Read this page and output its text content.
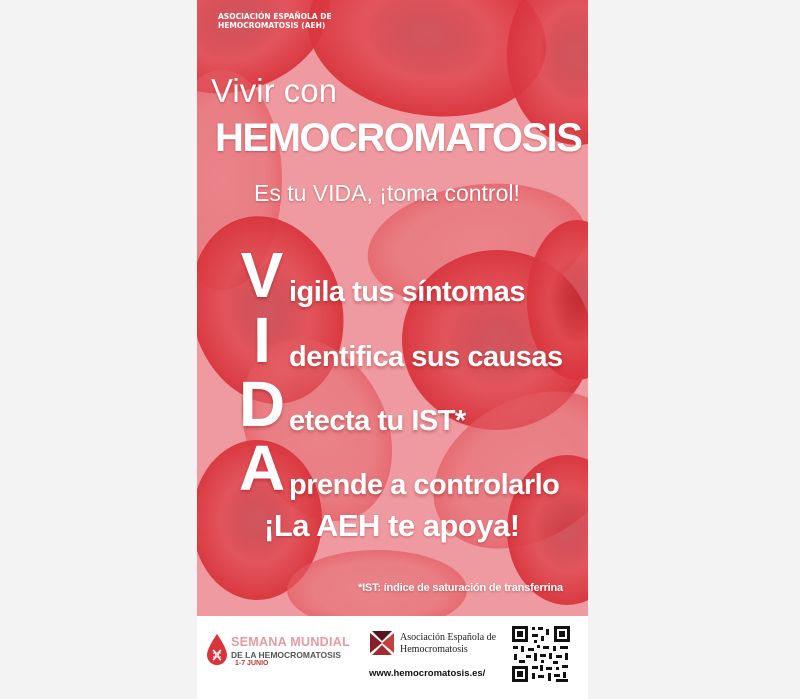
ASOCIACIÓN ESPAÑOLA DE HEMOCROMATOSIS (AEH)
Vivir con
HEMOCROMATOSIS
Es tu VIDA, ¡toma control!
Vigila tus síntomas
Identifica sus causas
Detecta tu IST*
Aprende a controlarlo
¡La AEH te apoya!
*IST: índice de saturación de transferrina
SEMANA MUNDIAL
DE LA HEMOCROMATOSIS
1-7 JUNIO
Asociación Española de Hemocromatosis
www.hemocromatosis.es/
